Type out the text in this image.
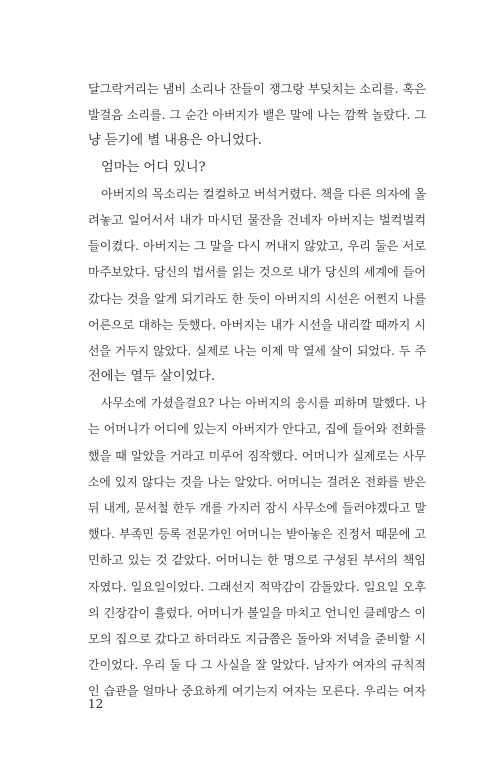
달그락거리는 냄비 소리나 잔들이 쟁그랑 부딪치는 소리를. 혹은
발걸음 소리를. 그 순간 아버지가 뱉은 말에 나는 깜짝 놀랐다. 그
냥 듣기에 별 내용은 아니었다.
엄마는 어디 있니?
아버지의 목소리는 컬컬하고 버석거렸다. 책을 다른 의자에 올
려놓고 일어서서 내가 마시던 물잔을 건네자 아버지는 벌컥벌컥
들이켰다. 아버지는 그 말을 다시 꺼내지 않았고, 우리 둘은 서로
마주보았다. 당신의 법서를 읽는 것으로 내가 당신의 세계에 들어
갔다는 것을 알게 되기라도 한 듯이 아버지의 시선은 어쩐지 나를
어른으로 대하는 듯했다. 아버지는 내가 시선을 내리깔 때까지 시
선을 거두지 않았다. 실제로 나는 이제 막 열세 살이 되었다. 두 주
전에는 열두 살이었다.
사무소에 가셨을걸요? 나는 아버지의 응시를 피하며 말했다. 나
는 어머니가 어디에 있는지 아버지가 안다고, 집에 들어와 전화를
했을 때 알았을 거라고 미루어 짐작했다. 어머니가 실제로는 사무
소에 있지 않다는 것을 나는 알았다. 어머니는 걸려온 전화를 받은
뒤 내게, 문서철 한두 개를 가지러 잠시 사무소에 들러야겠다고 말
했다. 부족민 등록 전문가인 어머니는 받아놓은 진정서 때문에 고
민하고 있는 것 같았다. 어머니는 한 명으로 구성된 부서의 책임
자였다. 일요일이었다. 그래선지 적막감이 감돌았다. 일요일 오후
의 긴장감이 흘렀다. 어머니가 볼일을 마치고 언니인 클레망스 이
모의 집으로 갔다고 하더라도 지금쯤은 돌아와 저녁을 준비할 시
간이었다. 우리 둘 다 그 사실을 잘 알았다. 남자가 여자의 규칙적
인 습관을 얼마나 중요하게 여기는지 여자는 모른다. 우리는 여자
12
